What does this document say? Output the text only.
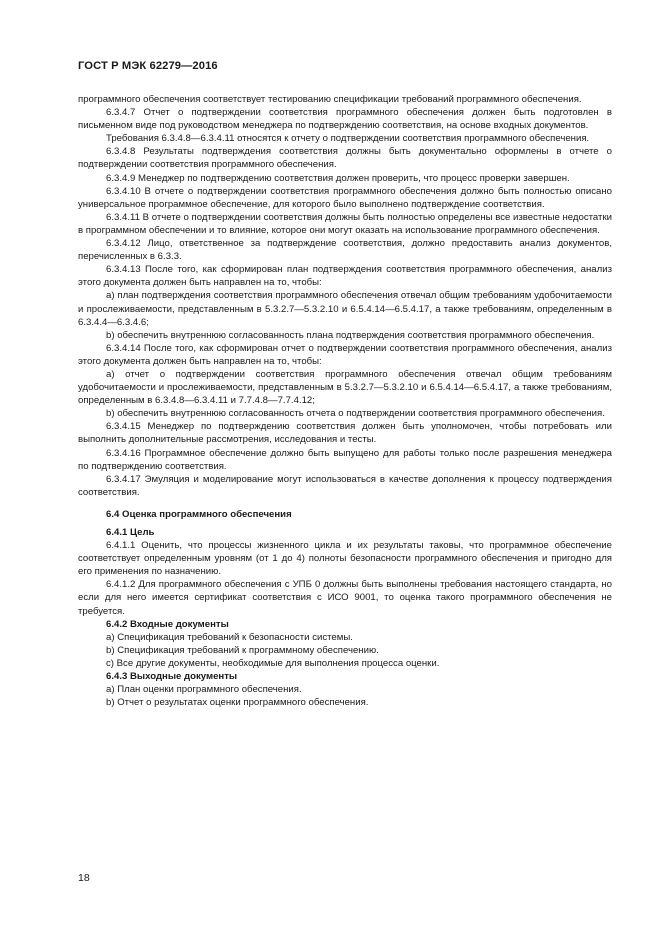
ГОСТ Р МЭК 62279—2016

программного обеспечения соответствует тестированию спецификации требований программного обеспечения.

6.3.4.7 Отчет о подтверждении соответствия программного обеспечения должен быть подготовлен в письменном виде под руководством менеджера по подтверждению соответствия, на основе входных документов.

Требования 6.3.4.8—6.3.4.11 относятся к отчету о подтверждении соответствия программного обеспечения.

6.3.4.8 Результаты подтверждения соответствия должны быть документально оформлены в отчете о подтверждении соответствия программного обеспечения.

6.3.4.9 Менеджер по подтверждению соответствия должен проверить, что процесс проверки завершен.

6.3.4.10 В отчете о подтверждении соответствия программного обеспечения должно быть полностью описано универсальное программное обеспечение, для которого было выполнено подтверждение соответствия.

6.3.4.11 В отчете о подтверждении соответствия должны быть полностью определены все известные недостатки в программном обеспечении и то влияние, которое они могут оказать на использование программного обеспечения.

6.3.4.12 Лицо, ответственное за подтверждение соответствия, должно предоставить анализ документов, перечисленных в 6.3.3.

6.3.4.13 После того, как сформирован план подтверждения соответствия программного обеспечения, анализ этого документа должен быть направлен на то, чтобы:

a) план подтверждения соответствия программного обеспечения отвечал общим требованиям удобочитаемости и прослеживаемости, представленным в 5.3.2.7—5.3.2.10 и 6.5.4.14—6.5.4.17, а также требованиям, определенным в 6.3.4.4—6.3.4.6;

b) обеспечить внутреннюю согласованность плана подтверждения соответствия программного обеспечения.

6.3.4.14 После того, как сформирован отчет о подтверждении соответствия программного обеспечения, анализ этого документа должен быть направлен на то, чтобы:

a) отчет о подтверждении соответствия программного обеспечения отвечал общим требованиям удобочитаемости и прослеживаемости, представленным в 5.3.2.7—5.3.2.10 и 6.5.4.14—6.5.4.17, а также требованиям, определенным в 6.3.4.8—6.3.4.11 и 7.7.4.8—7.7.4.12;

b) обеспечить внутреннюю согласованность отчета о подтверждении соответствия программного обеспечения.

6.3.4.15 Менеджер по подтверждению соответствия должен быть уполномочен, чтобы потребовать или выполнить дополнительные рассмотрения, исследования и тесты.

6.3.4.16 Программное обеспечение должно быть выпущено для работы только после разрешения менеджера по подтверждению соответствия.

6.3.4.17 Эмуляция и моделирование могут использоваться в качестве дополнения к процессу подтверждения соответствия.

6.4 Оценка программного обеспечения

6.4.1 Цель

6.4.1.1 Оценить, что процессы жизненного цикла и их результаты таковы, что программное обеспечение соответствует определенным уровням (от 1 до 4) полноты безопасности программного обеспечения и пригодно для его применения по назначению.

6.4.1.2 Для программного обеспечения с УПБ 0 должны быть выполнены требования настоящего стандарта, но если для него имеется сертификат соответствия с ИСО 9001, то оценка такого программного обеспечения не требуется.

6.4.2 Входные документы

a) Спецификация требований к безопасности системы.

b) Спецификация требований к программному обеспечению.

c) Все другие документы, необходимые для выполнения процесса оценки.

6.4.3 Выходные документы

a) План оценки программного обеспечения.

b) Отчет о результатах оценки программного обеспечения.

18
